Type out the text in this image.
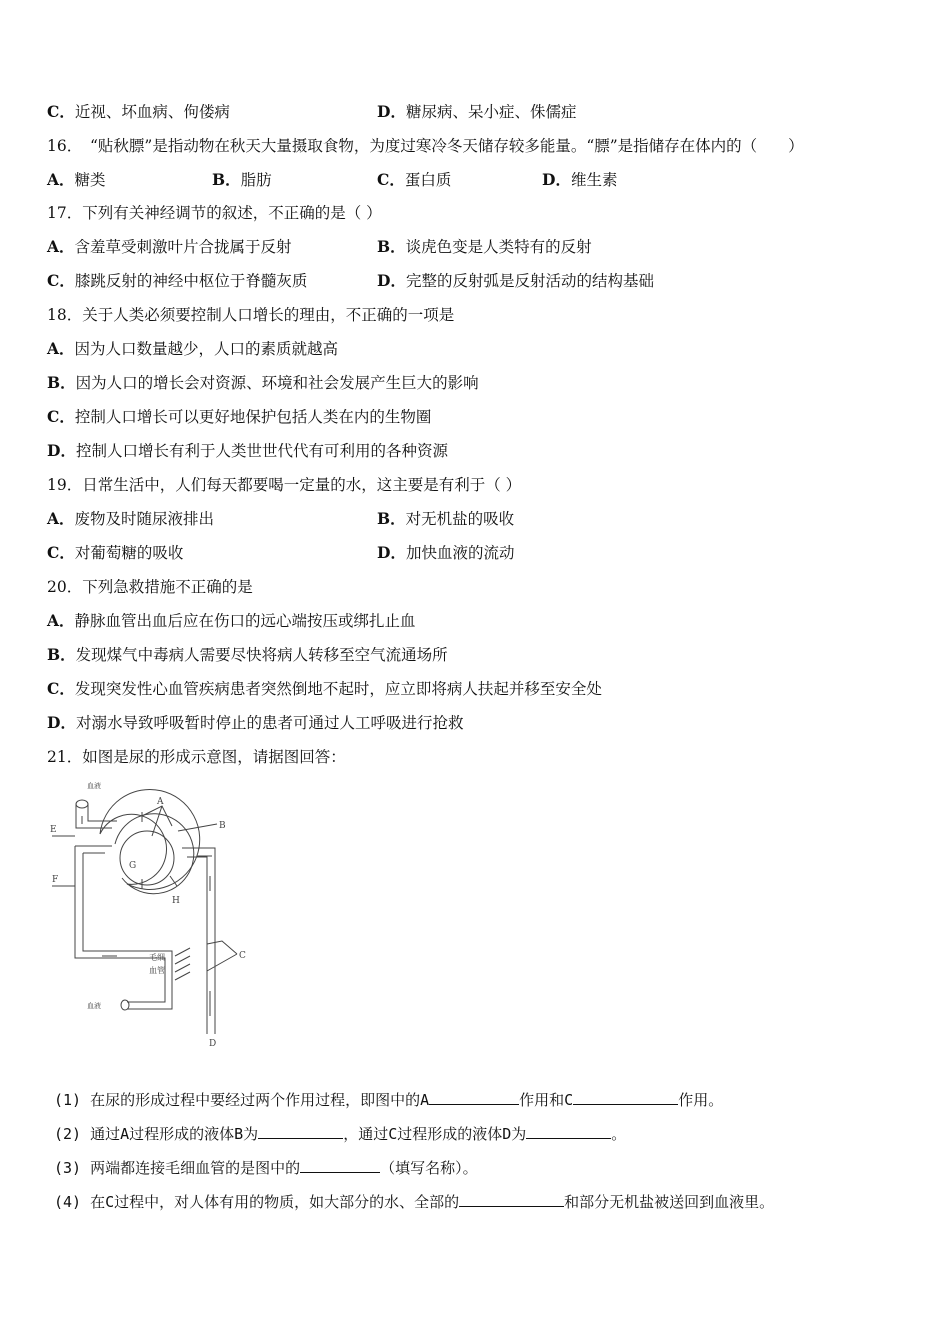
C．近视、坏血病、佝偻病	D．糖尿病、呆小症、侏儒症
16．　“贴秋膘”是指动物在秋天大量摄取食物，为度过寒冷冬天储存较多能量。“膘”是指储存在体内的（　　）
A．糖类	B．脂肪	C．蛋白质	D．维生素
17．下列有关神经调节的叙述，不正确的是（ ）
A．含羞草受刺激叶片合拢属于反射	B．谈虎色变是人类特有的反射
C．膝跳反射的神经中枢位于脊髓灰质	D．完整的反射弧是反射活动的结构基础
18．关于人类必须要控制人口增长的理由，不正确的一项是
A．因为人口数量越少，人口的素质就越高
B．因为人口的增长会对资源、环境和社会发展产生巨大的影响
C．控制人口增长可以更好地保护包括人类在内的生物圈
D．控制人口增长有利于人类世世代代有可利用的各种资源
19．日常生活中，人们每天都要喝一定量的水，这主要是有利于（ ）
A．废物及时随尿液排出	B．对无机盐的吸收
C．对葡萄糖的吸收	D．加快血液的流动
20．下列急救措施不正确的是
A．静脉血管出血后应在伤口的远心端按压或绑扎止血
B．发现煤气中毒病人需要尽快将病人转移至空气流通场所
C．发现突发性心血管疾病患者突然倒地不起时，应立即将病人扶起并移至安全处
D．对溺水导致呼吸暂时停止的患者可通过人工呼吸进行抢救
21．如图是尿的形成示意图，请据图回答：
血液
A
B
C
D
E
F
G
H
毛细
血管
血液
(1) 在尿的形成过程中要经过两个作用过程，即图中的A	作用和C	作用。
(2) 通过A过程形成的液体B为	，通过C过程形成的液体D为	。
(3) 两端都连接毛细血管的是图中的	（填写名称）。
(4) 在C过程中，对人体有用的物质，如大部分的水、全部的	和部分无机盐被送回到血液里。
